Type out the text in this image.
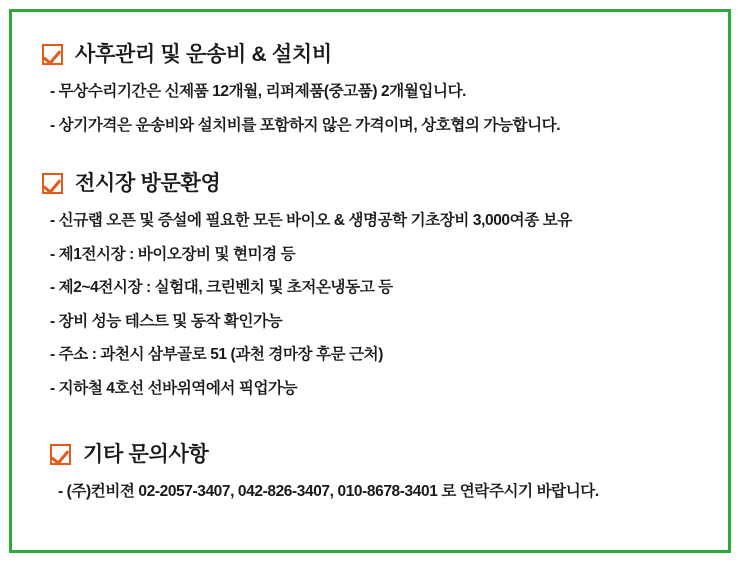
사후관리 및 운송비 & 설치비
- 무상수리기간은 신제품 12개월, 리퍼제품(중고품) 2개월입니다.
- 상기가격은 운송비와 설치비를 포함하지 않은 가격이며, 상호협의 가능합니다.
전시장 방문환영
- 신규랩 오픈 및 증설에 필요한 모든 바이오 & 생명공학 기초장비 3,000여종 보유
- 제1전시장 : 바이오장비 및 현미경 등
- 제2~4전시장 : 실험대, 크린벤치 및 초저온냉동고 등
- 장비 성능 테스트 및 동작 확인가능
- 주소 : 과천시 삼부골로 51 (과천 경마장 후문 근처)
- 지하철 4호선 선바위역에서 픽업가능
기타 문의사항
- (주)컨비젼 02-2057-3407, 042-826-3407, 010-8678-3401 로 연락주시기 바랍니다.
